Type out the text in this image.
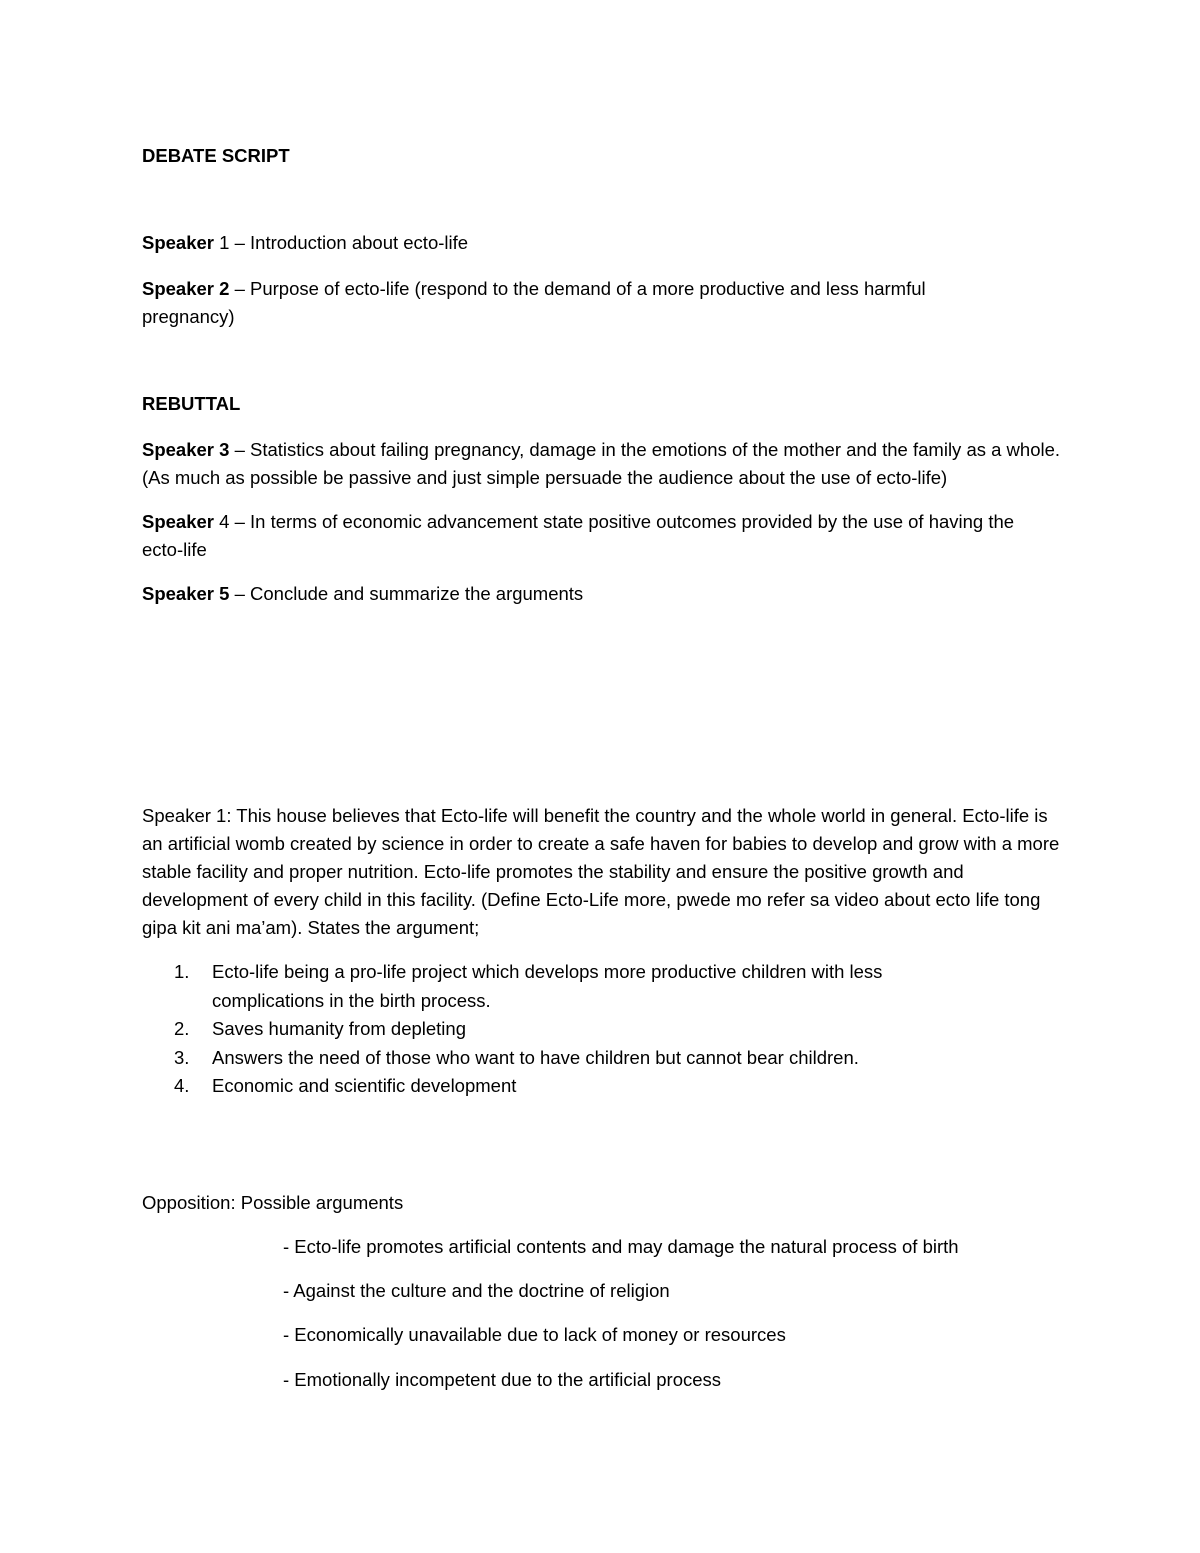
DEBATE SCRIPT
Speaker 1 – Introduction about ecto-life
Speaker 2 – Purpose of ecto-life (respond to the demand of a more productive and less harmful pregnancy)
REBUTTAL
Speaker 3 – Statistics about failing pregnancy, damage in the emotions of the mother and the family as a whole. (As much as possible be passive and just simple persuade the audience about the use of ecto-life)
Speaker 4 – In terms of economic advancement state positive outcomes provided by the use of having the ecto-life
Speaker 5 – Conclude and summarize the arguments
Speaker 1: This house believes that Ecto-life will benefit the country and the whole world in general. Ecto-life is an artificial womb created by science in order to create a safe haven for babies to develop and grow with a more stable facility and proper nutrition. Ecto-life promotes the stability and ensure the positive growth and development of every child in this facility. (Define Ecto-Life more, pwede mo refer sa video about ecto life tong gipa kit ani ma’am). States the argument;
1. Ecto-life being a pro-life project which develops more productive children with less complications in the birth process.
2. Saves humanity from depleting
3. Answers the need of those who want to have children but cannot bear children.
4. Economic and scientific development
Opposition: Possible arguments
- Ecto-life promotes artificial contents and may damage the natural process of birth
- Against the culture and the doctrine of religion
- Economically unavailable due to lack of money or resources
- Emotionally incompetent due to the artificial process
